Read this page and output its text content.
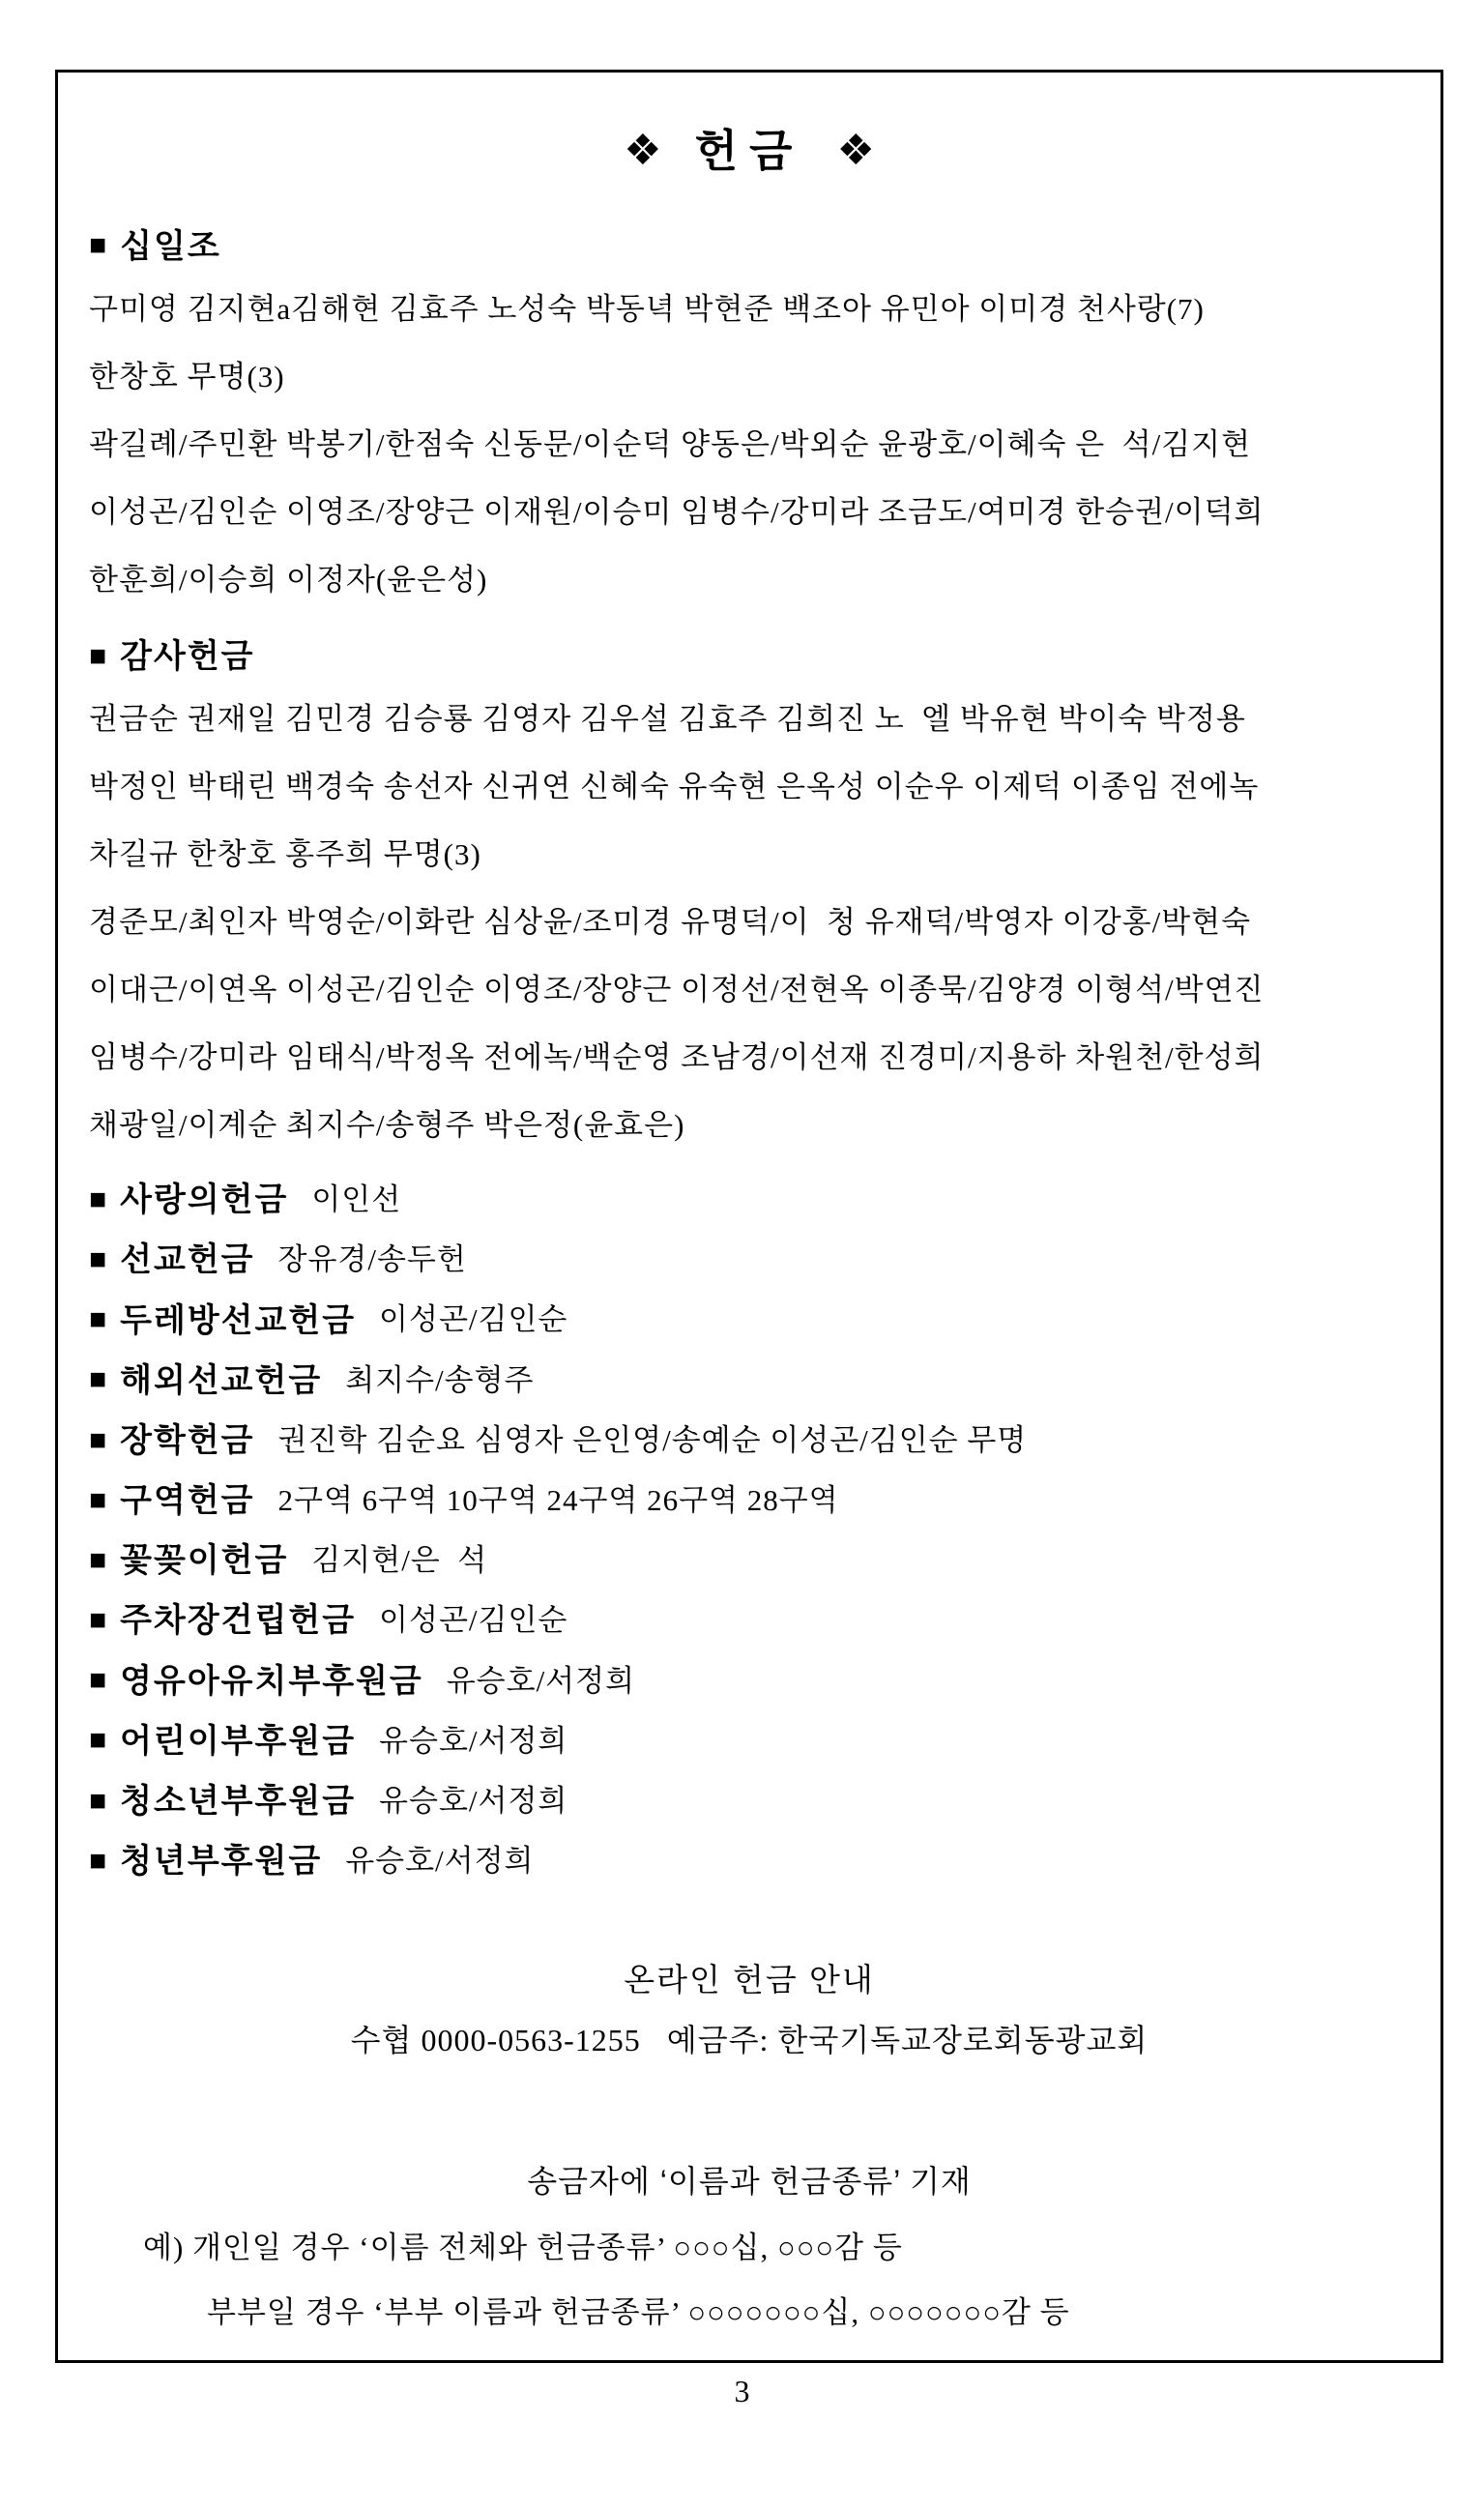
❖ 헌금 ❖
■ 십일조

구미영 김지현a김해현 김효주 노성숙 박동녁 박현준 백조아 유민아 이미경 천사랑(7)

한창호 무명(3)

곽길례/주민환 박봉기/한점숙 신동문/이순덕 양동은/박외순 윤광호/이혜숙 은  석/김지현

이성곤/김인순 이영조/장양근 이재원/이승미 임병수/강미라 조금도/여미경 한승권/이덕희

한훈희/이승희 이정자(윤은성)

■ 감사헌금

권금순 권재일 김민경 김승룡 김영자 김우설 김효주 김희진 노  엘 박유현 박이숙 박정용

박정인 박태린 백경숙 송선자 신귀연 신혜숙 유숙현 은옥성 이순우 이제덕 이종임 전에녹

차길규 한창호 홍주희 무명(3)

경준모/최인자 박영순/이화란 심상윤/조미경 유명덕/이  청 유재덕/박영자 이강홍/박현숙

이대근/이연옥 이성곤/김인순 이영조/장양근 이정선/전현옥 이종묵/김양경 이형석/박연진

임병수/강미라 임태식/박정옥 전에녹/백순영 조남경/이선재 진경미/지용하 차원천/한성희

채광일/이계순 최지수/송형주 박은정(윤효은)

■ 사랑의헌금 이인선
■ 선교헌금 장유경/송두헌
■ 두레방선교헌금 이성곤/김인순
■ 해외선교헌금 최지수/송형주
■ 장학헌금 권진학 김순요 심영자 은인영/송예순 이성곤/김인순 무명
■ 구역헌금 2구역 6구역 10구역 24구역 26구역 28구역
■ 꽃꽂이헌금 김지현/은  석
■ 주차장건립헌금 이성곤/김인순
■ 영유아유치부후원금 유승호/서정희
■ 어린이부후원금 유승호/서정희
■ 청소년부후원금 유승호/서정희
■ 청년부후원금 유승호/서정희
온라인 헌금 안내
수협 0000-0563-1255   예금주: 한국기독교장로회동광교회
송금자에 ‘이름과 헌금종류’ 기재
예) 개인일 경우 ‘이름 전체와 헌금종류’ ○○○십, ○○○감 등
부부일 경우 ‘부부 이름과 헌금종류’ ○○○○○○○십, ○○○○○○○감 등
3
